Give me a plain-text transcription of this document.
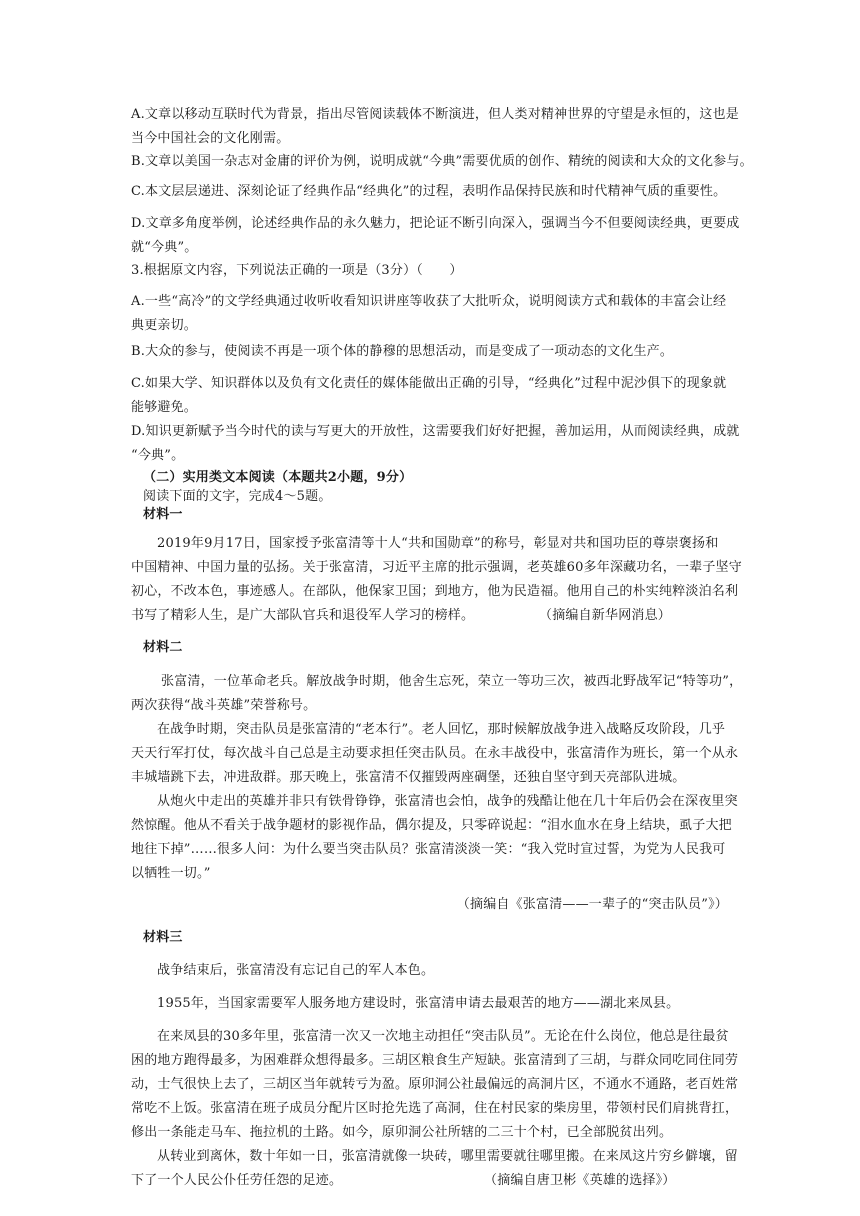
A.文章以移动互联时代为背景，指出尽管阅读载体不断演进，但人类对精神世界的守望是永恒的，这也是
当今中国社会的文化刚需。
B.文章以美国一杂志对金庸的评价为例，说明成就“今典”需要优质的创作、精统的阅读和大众的文化参与。
C.本文层层递进、深刻论证了经典作品“经典化”的过程，表明作品保持民族和时代精神气质的重要性。
D.文章多角度举例，论述经典作品的永久魅力，把论证不断引向深入，强调当今不但要阅读经典，更要成
就“今典”。
3.根据原文内容，下列说法正确的一项是（3分）（　　）
A.一些“高冷”的文学经典通过收听收看知识讲座等收获了大批听众，说明阅读方式和载体的丰富会让经
典更亲切。
B.大众的参与，使阅读不再是一项个体的静穆的思想活动，而是变成了一项动态的文化生产。
C.如果大学、知识群体以及负有文化责任的媒体能做出正确的引导，“经典化”过程中泥沙俱下的现象就
能够避免。
D.知识更新赋予当今时代的读与写更大的开放性，这需要我们好好把握，善加运用，从而阅读经典，成就
“今典”。
（二）实用类文本阅读（本题共2小题，9分）
阅读下面的文字，完成4～5题。
材料一
2019年9月17日，国家授予张富清等十人“共和国勋章”的称号，彰显对共和国功臣的尊崇褒扬和
中国精神、中国力量的弘扬。关于张富清，习近平主席的批示强调，老英雄60多年深藏功名，一辈子坚守
初心，不改本色，事迹感人。在部队，他保家卫国；到地方，他为民造福。他用自己的朴实纯粹淡泊名利
书写了精彩人生，是广大部队官兵和退役军人学习的榜样。	（摘编自新华网消息）
材料二
张富清，一位革命老兵。解放战争时期，他舍生忘死，荣立一等功三次，被西北野战军记“特等功”，
两次获得“战斗英雄”荣誉称号。
在战争时期，突击队员是张富清的“老本行”。老人回忆，那时候解放战争进入战略反攻阶段，几乎
天天行军打仗，每次战斗自己总是主动要求担任突击队员。在永丰战役中，张富清作为班长，第一个从永
丰城墙跳下去，冲进敌群。那天晚上，张富清不仅摧毁两座碉堡，还独自坚守到天亮部队进城。
从炮火中走出的英雄并非只有铁骨铮铮，张富清也会怕，战争的残酷让他在几十年后仍会在深夜里突
然惊醒。他从不看关于战争题材的影视作品，偶尔提及，只零碎说起：“泪水血水在身上结块，虱子大把
地往下掉”……很多人问：为什么要当突击队员？张富清淡淡一笑：“我入党时宣过誓，为党为人民我可
以牺牲一切。”
（摘编自《张富清——一辈子的“突击队员”》）
材料三
战争结束后，张富清没有忘记自己的军人本色。
1955年，当国家需要军人服务地方建设时，张富清申请去最艰苦的地方——湖北来凤县。
在来凤县的30多年里，张富清一次又一次地主动担任“突击队员”。无论在什么岗位，他总是往最贫
困的地方跑得最多，为困难群众想得最多。三胡区粮食生产短缺。张富清到了三胡，与群众同吃同住同劳
动，士气很快上去了，三胡区当年就转亏为盈。原卯洞公社最偏远的高洞片区，不通水不通路，老百姓常
常吃不上饭。张富清在班子成员分配片区时抢先选了高洞，住在村民家的柴房里，带领村民们肩挑背扛，
修出一条能走马车、拖拉机的土路。如今，原卯洞公社所辖的二三十个村，已全部脱贫出列。
从转业到离休，数十年如一日，张富清就像一块砖，哪里需要就往哪里搬。在来凤这片穷乡僻壤，留
下了一个人民公仆任劳任怨的足迹。	（摘编自唐卫彬《英雄的选择》）
